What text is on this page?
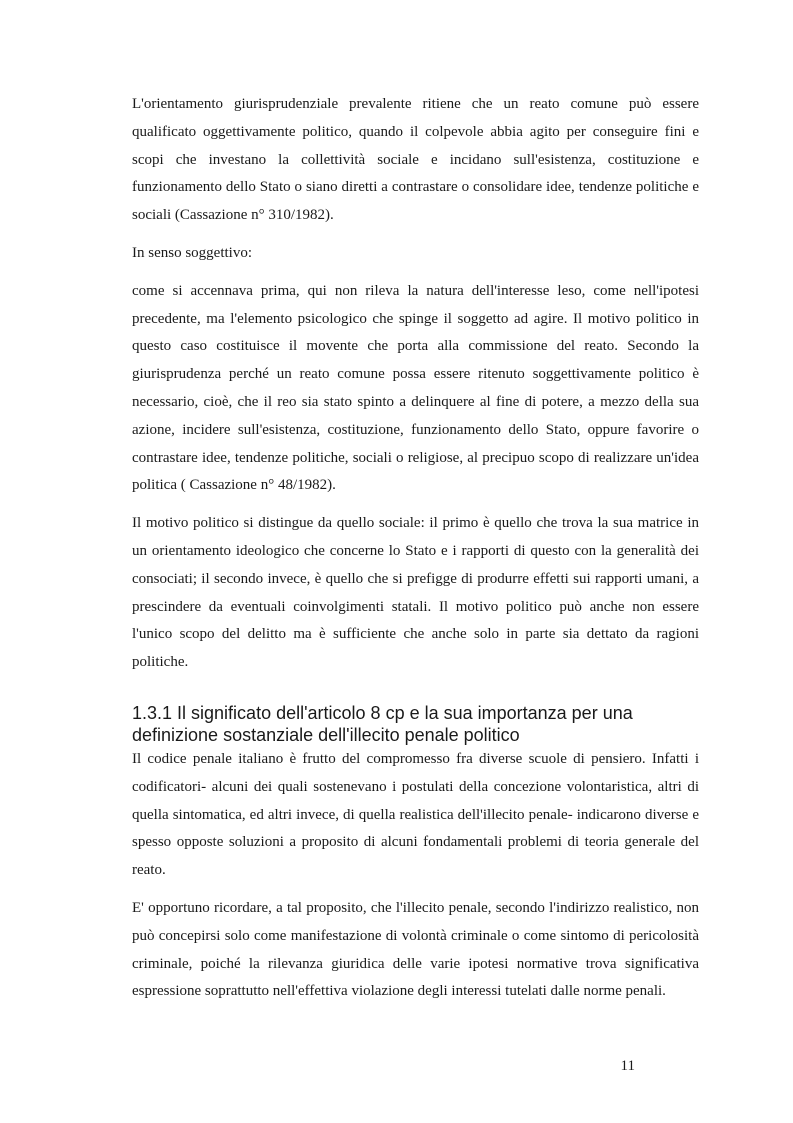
L'orientamento giurisprudenziale prevalente ritiene che un reato comune può essere qualificato oggettivamente politico, quando il colpevole abbia agito per conseguire fini e scopi che investano la collettività sociale e incidano sull'esistenza, costituzione e funzionamento dello Stato o siano diretti a contrastare o consolidare idee, tendenze politiche e sociali (Cassazione n° 310/1982).

In senso soggettivo:

come si accennava prima, qui non rileva la natura dell'interesse leso, come nell'ipotesi precedente, ma l'elemento psicologico che spinge il soggetto ad agire. Il motivo politico in questo caso costituisce il movente che porta alla commissione del reato. Secondo la giurisprudenza perché un reato comune possa essere ritenuto soggettivamente politico è necessario, cioè, che il reo sia stato spinto a delinquere al fine di potere, a mezzo della sua azione, incidere sull'esistenza, costituzione, funzionamento dello Stato, oppure favorire o contrastare idee, tendenze politiche, sociali o religiose, al precipuo scopo di realizzare un'idea politica ( Cassazione n° 48/1982).

Il motivo politico si distingue da quello sociale: il primo è quello che trova la sua matrice in un orientamento ideologico che concerne lo Stato e i rapporti di questo con la generalità dei consociati; il secondo invece, è quello che si prefigge di produrre effetti sui rapporti umani, a prescindere da eventuali coinvolgimenti statali. Il motivo politico può anche non essere l'unico scopo del delitto ma è sufficiente che anche solo in parte sia dettato da ragioni politiche.

1.3.1 Il significato dell'articolo 8 cp e la sua importanza per una definizione sostanziale dell'illecito penale politico

Il codice penale italiano è frutto del compromesso fra diverse scuole di pensiero. Infatti i codificatori- alcuni dei quali sostenevano i postulati della concezione volontaristica, altri di quella sintomatica, ed altri invece, di quella realistica dell'illecito penale- indicarono diverse e spesso opposte soluzioni a proposito di alcuni fondamentali problemi di teoria generale del reato.

E' opportuno ricordare, a tal proposito, che l'illecito penale, secondo l'indirizzo realistico, non può concepirsi solo come manifestazione di volontà criminale o come sintomo di pericolosità criminale, poiché la rilevanza giuridica delle varie ipotesi normative trova significativa espressione soprattutto nell'effettiva violazione degli interessi tutelati dalle norme penali.

11
